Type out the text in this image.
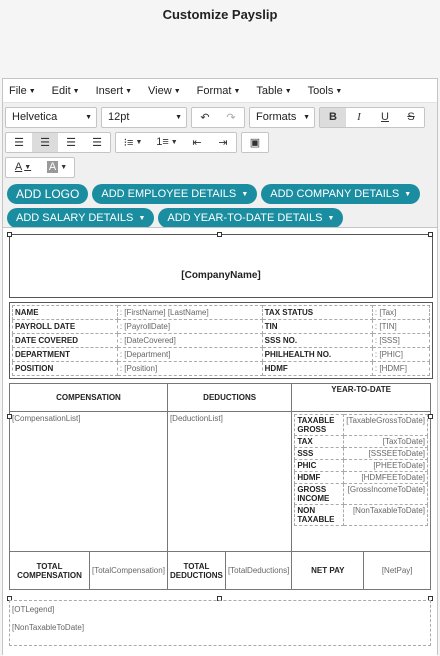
Customize Payslip
File ▼ Edit ▼ Insert ▼ View ▼ Format ▼ Table ▼ Tools ▼
Helvetica	▼ 12pt	▼	↶	↷	Formats ▼	B	I	U	S
☰	☰	☰	☰	⁝≡ ▼	1≡ ▼	⇤	⇥	▣
A ▼ A ▼
ADD LOGO	ADD EMPLOYEE DETAILS ▼	ADD COMPANY DETAILS ▼
ADD SALARY DETAILS ▼	ADD YEAR-TO-DATE DETAILS ▼
[CompanyName]
NAME	: [FirstName] [LastName]	TAX STATUS	: [Tax]
PAYROLL DATE	: [PayrollDate]	TIN	: [TIN]
DATE COVERED	: [DateCovered]	SSS NO.	: [SSS]
DEPARTMENT	: [Department]	PHILHEALTH NO.	: [PHIC]
POSITION	: [Position]	HDMF	: [HDMF]
COMPENSATION	DEDUCTIONS	YEAR-TO-DATE
[CompensationList]	[DeductionList]		TAXABLE GROSS	[TaxableGrossToDate]
TAX	[TaxToDate]
SSS	[SSSEEToDate]
PHIC	[PHEEToDate]
HDMF	[HDMFEEToDate]
GROSS INCOME	[GrossIncomeToDate]
NON TAXABLE	[NonTaxableToDate]

TOTAL COMPENSATION	[TotalCompensation]	TOTAL DEDUCTIONS	[TotalDeductions]	NET PAY	[NetPay]
[OTLegend]
[NonTaxableToDate]
